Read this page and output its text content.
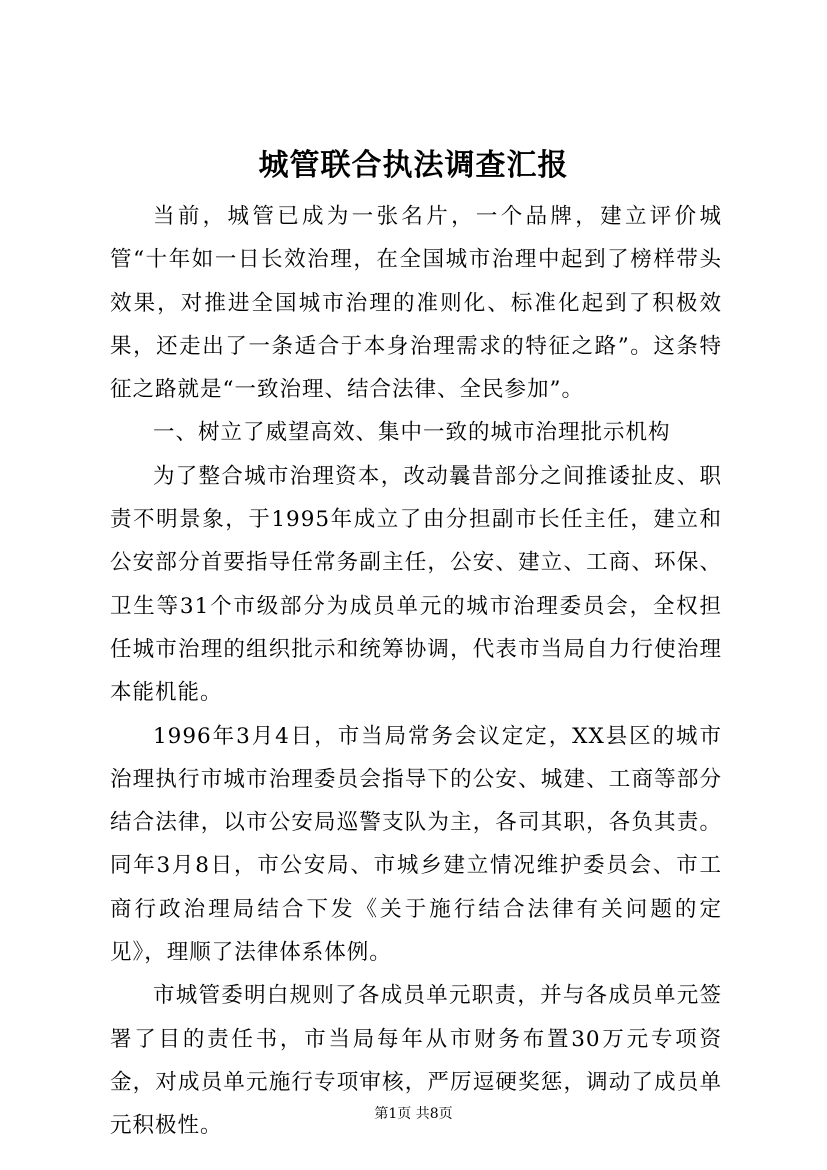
城管联合执法调查汇报

当前，城管已成为一张名片，一个品牌，建立评价城管“十年如一日长效治理，在全国城市治理中起到了榜样带头效果，对推进全国城市治理的准则化、标准化起到了积极效果，还走出了一条适合于本身治理需求的特征之路”。这条特征之路就是“一致治理、结合法律、全民参加”。

一、树立了威望高效、集中一致的城市治理批示机构

为了整合城市治理资本，改动曩昔部分之间推诿扯皮、职责不明景象，于1995年成立了由分担副市长任主任，建立和公安部分首要指导任常务副主任，公安、建立、工商、环保、卫生等31个市级部分为成员单元的城市治理委员会，全权担任城市治理的组织批示和统筹协调，代表市当局自力行使治理本能机能。

1996年3月4日，市当局常务会议定定，XX县区的城市治理执行市城市治理委员会指导下的公安、城建、工商等部分结合法律，以市公安局巡警支队为主，各司其职，各负其责。同年3月8日，市公安局、市城乡建立情况维护委员会、市工商行政治理局结合下发《关于施行结合法律有关问题的定见》，理顺了法律体系体例。

市城管委明白规则了各成员单元职责，并与各成员单元签署了目的责任书，市当局每年从市财务布置30万元专项资金，对成员单元施行专项审核，严厉逗硬奖惩，调动了成员单元积极性。	第1页 共8页
